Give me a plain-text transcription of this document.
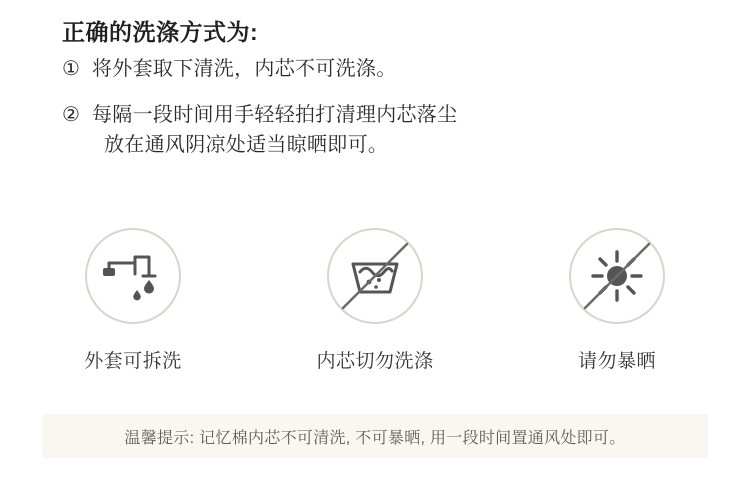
正确的洗涤方式为:
① 将外套取下清洗，内芯不可洗涤。
② 每隔一段时间用手轻轻拍打清理内芯落尘
放在通风阴凉处适当晾晒即可。
外套可拆洗	内芯切勿洗涤	请勿暴晒
温馨提示: 记忆棉内芯不可清洗, 不可暴晒, 用一段时间置通风处即可。
